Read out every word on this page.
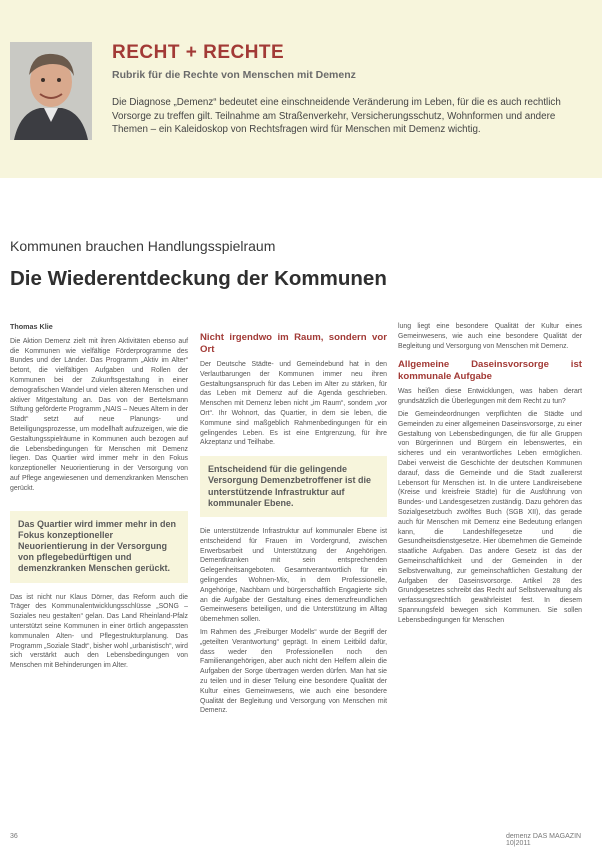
RECHT + RECHTE
Rubrik für die Rechte von Menschen mit Demenz
Die Diagnose „Demenz“ bedeutet eine einschneidende Veränderung im Leben, für die es auch rechtlich Vorsorge zu treffen gilt. Teilnahme am Straßenverkehr, Versicherungsschutz, Wohnformen und andere Themen – ein Kaleidoskop von Rechtsfragen wird für Menschen mit Demenz wichtig.
Kommunen brauchen Handlungsspielraum
Die Wiederentdeckung der Kommunen
Thomas Klie

Die Aktion Demenz zielt mit ihren Aktivitäten ebenso auf die Kommunen wie vielfältige Förderprogramme des Bundes und der Länder. Das Programm „Aktiv im Alter“ betont, die vielfältigen Aufgaben und Rollen der Kommunen bei der Zukunftsgestaltung in einer demografischen Wandel und vielen älteren Menschen und aktiver Mitgestaltung an. Das von der Bertelsmann Stiftung geförderte Programm „NAIS – Neues Altern in der Stadt“ setzt auf neue Planungs- und Beteiligungsprozesse, um modellhaft aufzuzeigen, wie die Gestaltungsspielräume in Kommunen auch bezogen auf die Lebensbedingungen für Menschen mit Demenz liegen. Das Quartier wird immer mehr in den Fokus konzeptioneller Neuorientierung in der Versorgung von auf Pflege angewiesenen und demenzkranken Menschen gerückt.

Das Quartier wird immer mehr in den Fokus konzeptioneller Neuorientierung in der Versorgung von pflegebedürftigen und demenzkranken Menschen gerückt.

Das ist nicht nur Klaus Dörner, das Reform auch die Träger des Kommunalentwicklungsschlüsse „SONG – Soziales neu gestalten“ gelan. Das Land Rheinland-Pfalz unterstützt seine Kommunen in einer örtlich angepassten kommunalen Alten- und Pflegestrukturplanung. Das Programm „Soziale Stadt“, bisher wohl „urbanistisch“, wird sich verstärkt auch den Lebensbedingungen von Menschen mit Behinderungen im Alter.

Nicht irgendwo im Raum, sondern vor Ort

Der Deutsche Städte- und Gemeindebund hat in den Verlautbarungen der Kommunen immer neu ihren Gestaltungsanspruch für das Leben im Alter zu stärken, für das Leben mit Demenz auf die Agenda geschrieben. Menschen mit Demenz leben nicht „im Raum“, sondern „vor Ort“. Ihr Wohnort, das Quartier, in dem sie leben, die Kommune sind maßgeblich Rahmenbedingungen für ein gelingendes Leben. Es ist eine Entgrenzung, für ihre Akzeptanz und Teilhabe.

Entscheidend für die gelingende Versorgung Demenzbetroffener ist die unterstützende Infrastruktur auf kommunaler Ebene.

Die unterstützende Infrastruktur auf kommunaler Ebene ist entscheidend für Frauen im Vordergrund, zwischen Erwerbsarbeit und Unterstützung der Angehörigen. Dementkranken mit sein entsprechenden Gelegenheitsangeboten. Gesamtverantwortlich für ein gelingendes Wohnen-Mix, in dem Professionelle, Angehörige, Nachbarn und bürgerschaftlich Engagierte sich an die Aufgabe der Gestaltung eines demenzfreundlichen Gemeinwesens beteiligen, und die Unterstützung im Alltag übernehmen sollen.

Im Rahmen des „Freiburger Modells“ wurde der Begriff der „geteilten Verantwortung“ geprägt. In einem Leitbild dafür, dass weder den Professionellen noch den Familienangehörigen, aber auch nicht den Helfern allein die Aufgaben der Sorge übertragen werden dürfen. Man hat sie zu teilen und in dieser Teilung eine besondere Qualität der Kultur eines Gemeinwesens, wie auch eine besondere Qualität der Begleitung und Versorgung von Menschen mit Demenz.

lung liegt eine besondere Qualität der Kultur eines Gemeinwesens, wie auch eine besondere Qualität der Begleitung und Versorgung von Menschen mit Demenz.

Allgemeine Daseinsvorsorge ist kommunale Aufgabe

Was heißen diese Entwicklungen, was haben derart grundsätzlich die Überlegungen mit dem Recht zu tun?

Die Gemeindeordnungen verpflichten die Städte und Gemeinden zu einer allgemeinen Daseinsvorsorge, zu einer Gestaltung von Lebensbedingungen, die für alle Gruppen von Bürgerinnen und Bürgern ein lebenswertes, ein sicheres und ein verantwortliches Leben ermöglichen. Dabei verweist die Geschichte der deutschen Kommunen darauf, dass die Gemeinde und die Stadt zuallererst Lebensort für Menschen ist. In die untere Landkreisebene (Kreise und kreisfreie Städte) für die Ausführung von Bundes- und Landesgesetzen zuständig. Dazu gehören das Sozialgesetzbuch zwölftes Buch (SGB XII), das gerade auch für Menschen mit Demenz eine Bedeutung erlangen kann, die Landeshilfegesetze und die Gesundheitsdienstgesetze. Hier übernehmen die Gemeinde staatliche Aufgaben. Das andere Gesetz ist das der Gemeinschaftlichkeit und der Gemeinden in der Selbstverwaltung, zur gemeinschaftlichen Gestaltung der Aufgaben der Daseinsvorsorge. Artikel 28 des Grundgesetzes schreibt das Recht auf Selbstverwaltung als verfassungsrechtlich gewährleistet fest. In diesem Spannungsfeld bewegen sich Kommunen. Sie sollen Lebensbedingungen für Menschen

36	demenz DAS MAGAZIN 10|2011
